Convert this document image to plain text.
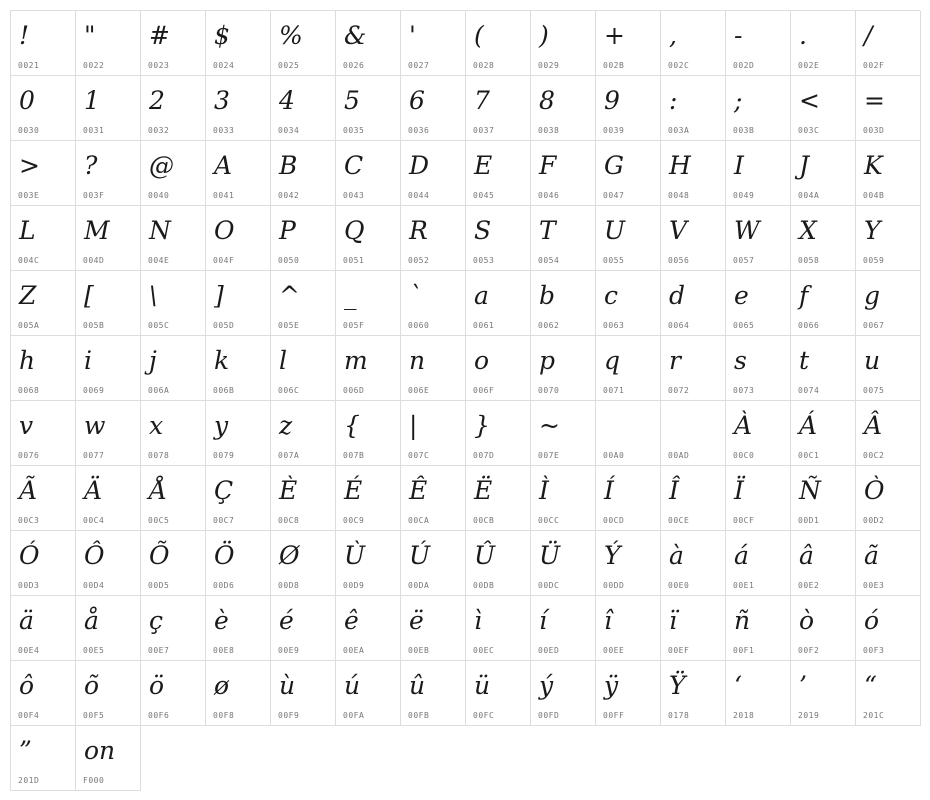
!
0021
"
0022
#
0023
$
0024
%
0025
&
0026
'
0027
(
0028
)
0029
+
002B
,
002C
-
002D
.
002E
/
002F
0
0030
1
0031
2
0032
3
0033
4
0034
5
0035
6
0036
7
0037
8
0038
9
0039
:
003A
;
003B
<
003C
=
003D
>
003E
?
003F
@
0040
A
0041
B
0042
C
0043
D
0044
E
0045
F
0046
G
0047
H
0048
I
0049
J
004A
K
004B
L
004C
M
004D
N
004E
O
004F
P
0050
Q
0051
R
0052
S
0053
T
0054
U
0055
V
0056
W
0057
X
0058
Y
0059
Z
005A
[
005B
\
005C
]
005D
^
005E
_
005F
`
0060
a
0061
b
0062
c
0063
d
0064
e
0065
f
0066
g
0067
h
0068
i
0069
j
006A
k
006B
l
006C
m
006D
n
006E
o
006F
p
0070
q
0071
r
0072
s
0073
t
0074
u
0075
v
0076
w
0077
x
0078
y
0079
z
007A
{
007B
|
007C
}
007D
~
007E	00A0	00AD
À
00C0
Á
00C1
Â
00C2
Ã
00C3
Ä
00C4
Å
00C5
Ç
00C7
È
00C8
É
00C9
Ê
00CA
Ë
00CB
Ì
00CC
Í
00CD
Î
00CE
Ï
00CF
Ñ
00D1
Ò
00D2
Ó
00D3
Ô
00D4
Õ
00D5
Ö
00D6
Ø
00D8
Ù
00D9
Ú
00DA
Û
00DB
Ü
00DC
Ý
00DD
à
00E0
á
00E1
â
00E2
ã
00E3
ä
00E4
å
00E5
ç
00E7
è
00E8
é
00E9
ê
00EA
ë
00EB
ì
00EC
í
00ED
î
00EE
ï
00EF
ñ
00F1
ò
00F2
ó
00F3
ô
00F4
õ
00F5
ö
00F6
ø
00F8
ù
00F9
ú
00FA
û
00FB
ü
00FC
ý
00FD
ÿ
00FF
Ÿ
0178
‘
2018
’
2019
“
201C
”
201D
on
F000
